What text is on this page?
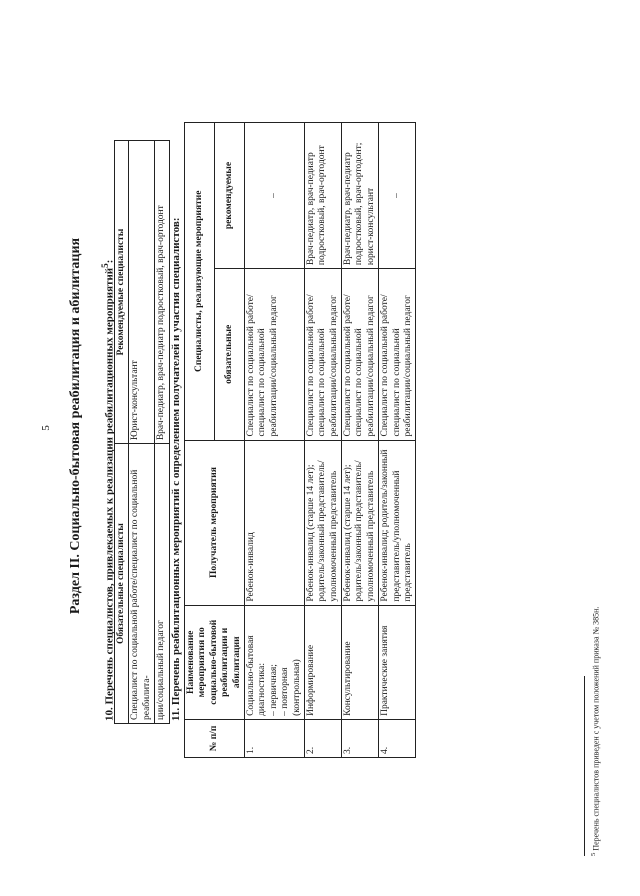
5 Раздел II. Социально-бытовая реабилитация и абилитация	10. Перечень специалистов, привлекаемых к реализации реабилитационных мероприятий$^5$:
Обязательные специалисты	Рекомендуемые специалисты
Специалист по социальной работе/специалист по социальной реабилита-	Юрист-консультант
ции/социальный педагог	Врач-педиатр, врач-педиатр подростковый, врач-ортодонт 11. Перечень реабилитационных мероприятий с определением получателей и участия специалистов:
№ п/п	Наименование мероприятия по социально-бытовой реабилитации и абилитации	Получатель мероприятия	Специалисты, реализующие мероприятие	
			обязательные	рекомендуемые
1.	Социально-бытовая диагностика: – первичная; – повторная (контрольная)	Ребенок-инвалид	Специалист по социальной работе/специалист по социальной реабилитации/социальный педагог	–
2.	Информирование	Ребенок-инвалид (старше 14 лет); родитель/законный представитель/уполномоченный представитель	Специалист по социальной работе/специалист по социальной реабилитации/социальный педагог	Врач-педиатр, врач-педиатр подростковый, врач-ортодонт
3.	Консультирование	Ребенок-инвалид (старше 14 лет); родитель/законный представитель/уполномоченный представитель	Специалист по социальной работе/специалист по социальной реабилитации/социальный педагог	Врач-педиатр, врач-педиатр подростковый, врач-ортодонт; юрист-консультант
4.	Практические занятия	Ребенок-инвалид; родитель/законный представитель/уполномоченный представитель	Специалист по социальной работе/специалист по социальной реабилитации/социальный педагог	–
$^5$ Перечень специалистов приведен с учетом положений приказа № 385н.
